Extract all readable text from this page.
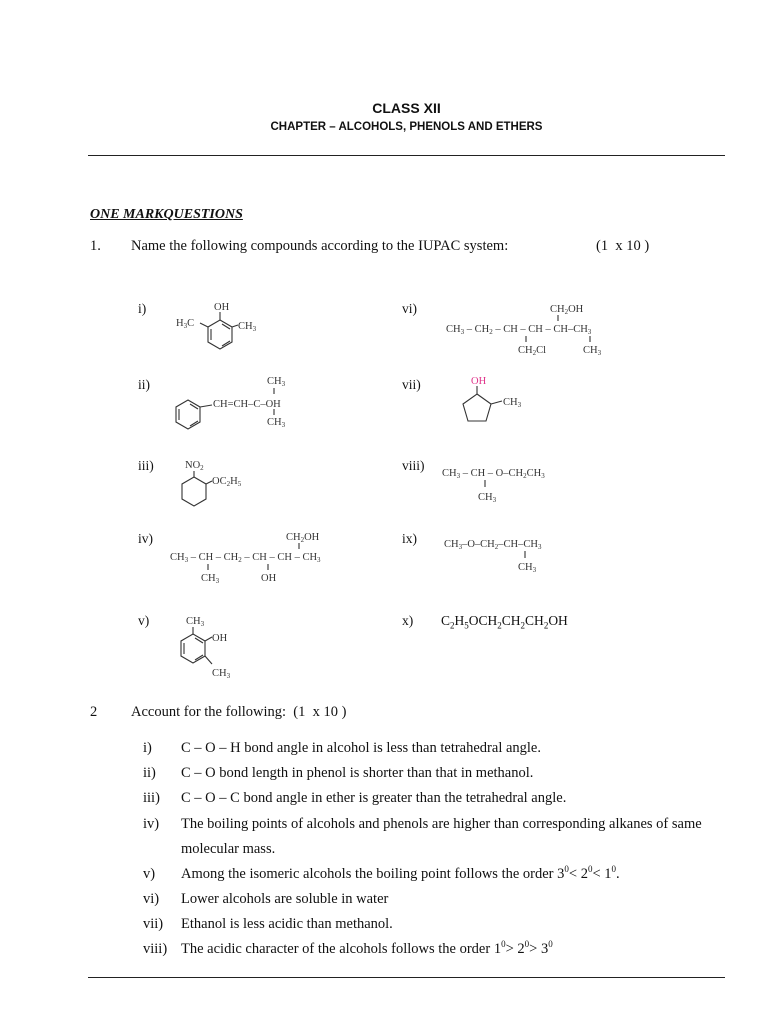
CLASS XII
CHAPTER – ALCOHOLS, PHENOLS AND ETHERS
ONE MARKQUESTIONS
1. Name the following compounds according to the IUPAC system:	(1  x 10 )
i)
ii)
iii)
iv)
v)
vi)
vii)
viii)
ix)
x)
OH
H3C	CH3
CH3
CH=CH–C–OH
CH3
NO2
OC2H5
CH2OH
CH3 – CH – CH2 – CH – CH – CH3
CH3	OH
CH3
OH
CH3
CH2OH
CH3 – CH2 – CH – CH – CH–CH3
CH2Cl	CH3
OH
CH3
CH3 – CH – O–CH2CH3
CH3
CH3–O–CH2–CH–CH3
CH3
$C_2H_5OCH_2CH_2CH_2OH$
2 Account for the following:  (1  x 10 )
i) C – O – H bond angle in alcohol is less than tetrahedral angle.
ii) C – O bond length in phenol is shorter than that in methanol.
iii) C – O – C bond angle in ether is greater than the tetrahedral angle.
iv) The boiling points of alcohols and phenols are higher than corresponding alkanes of same
molecular mass.
v) Among the isomeric alcohols the boiling point follows the order $3^0< 2^0< 1^0$.
vi) Lower alcohols are soluble in water
vii) Ethanol is less acidic than methanol.
viii) The acidic character of the alcohols follows the order $1^0> 2^0> 3^0$
